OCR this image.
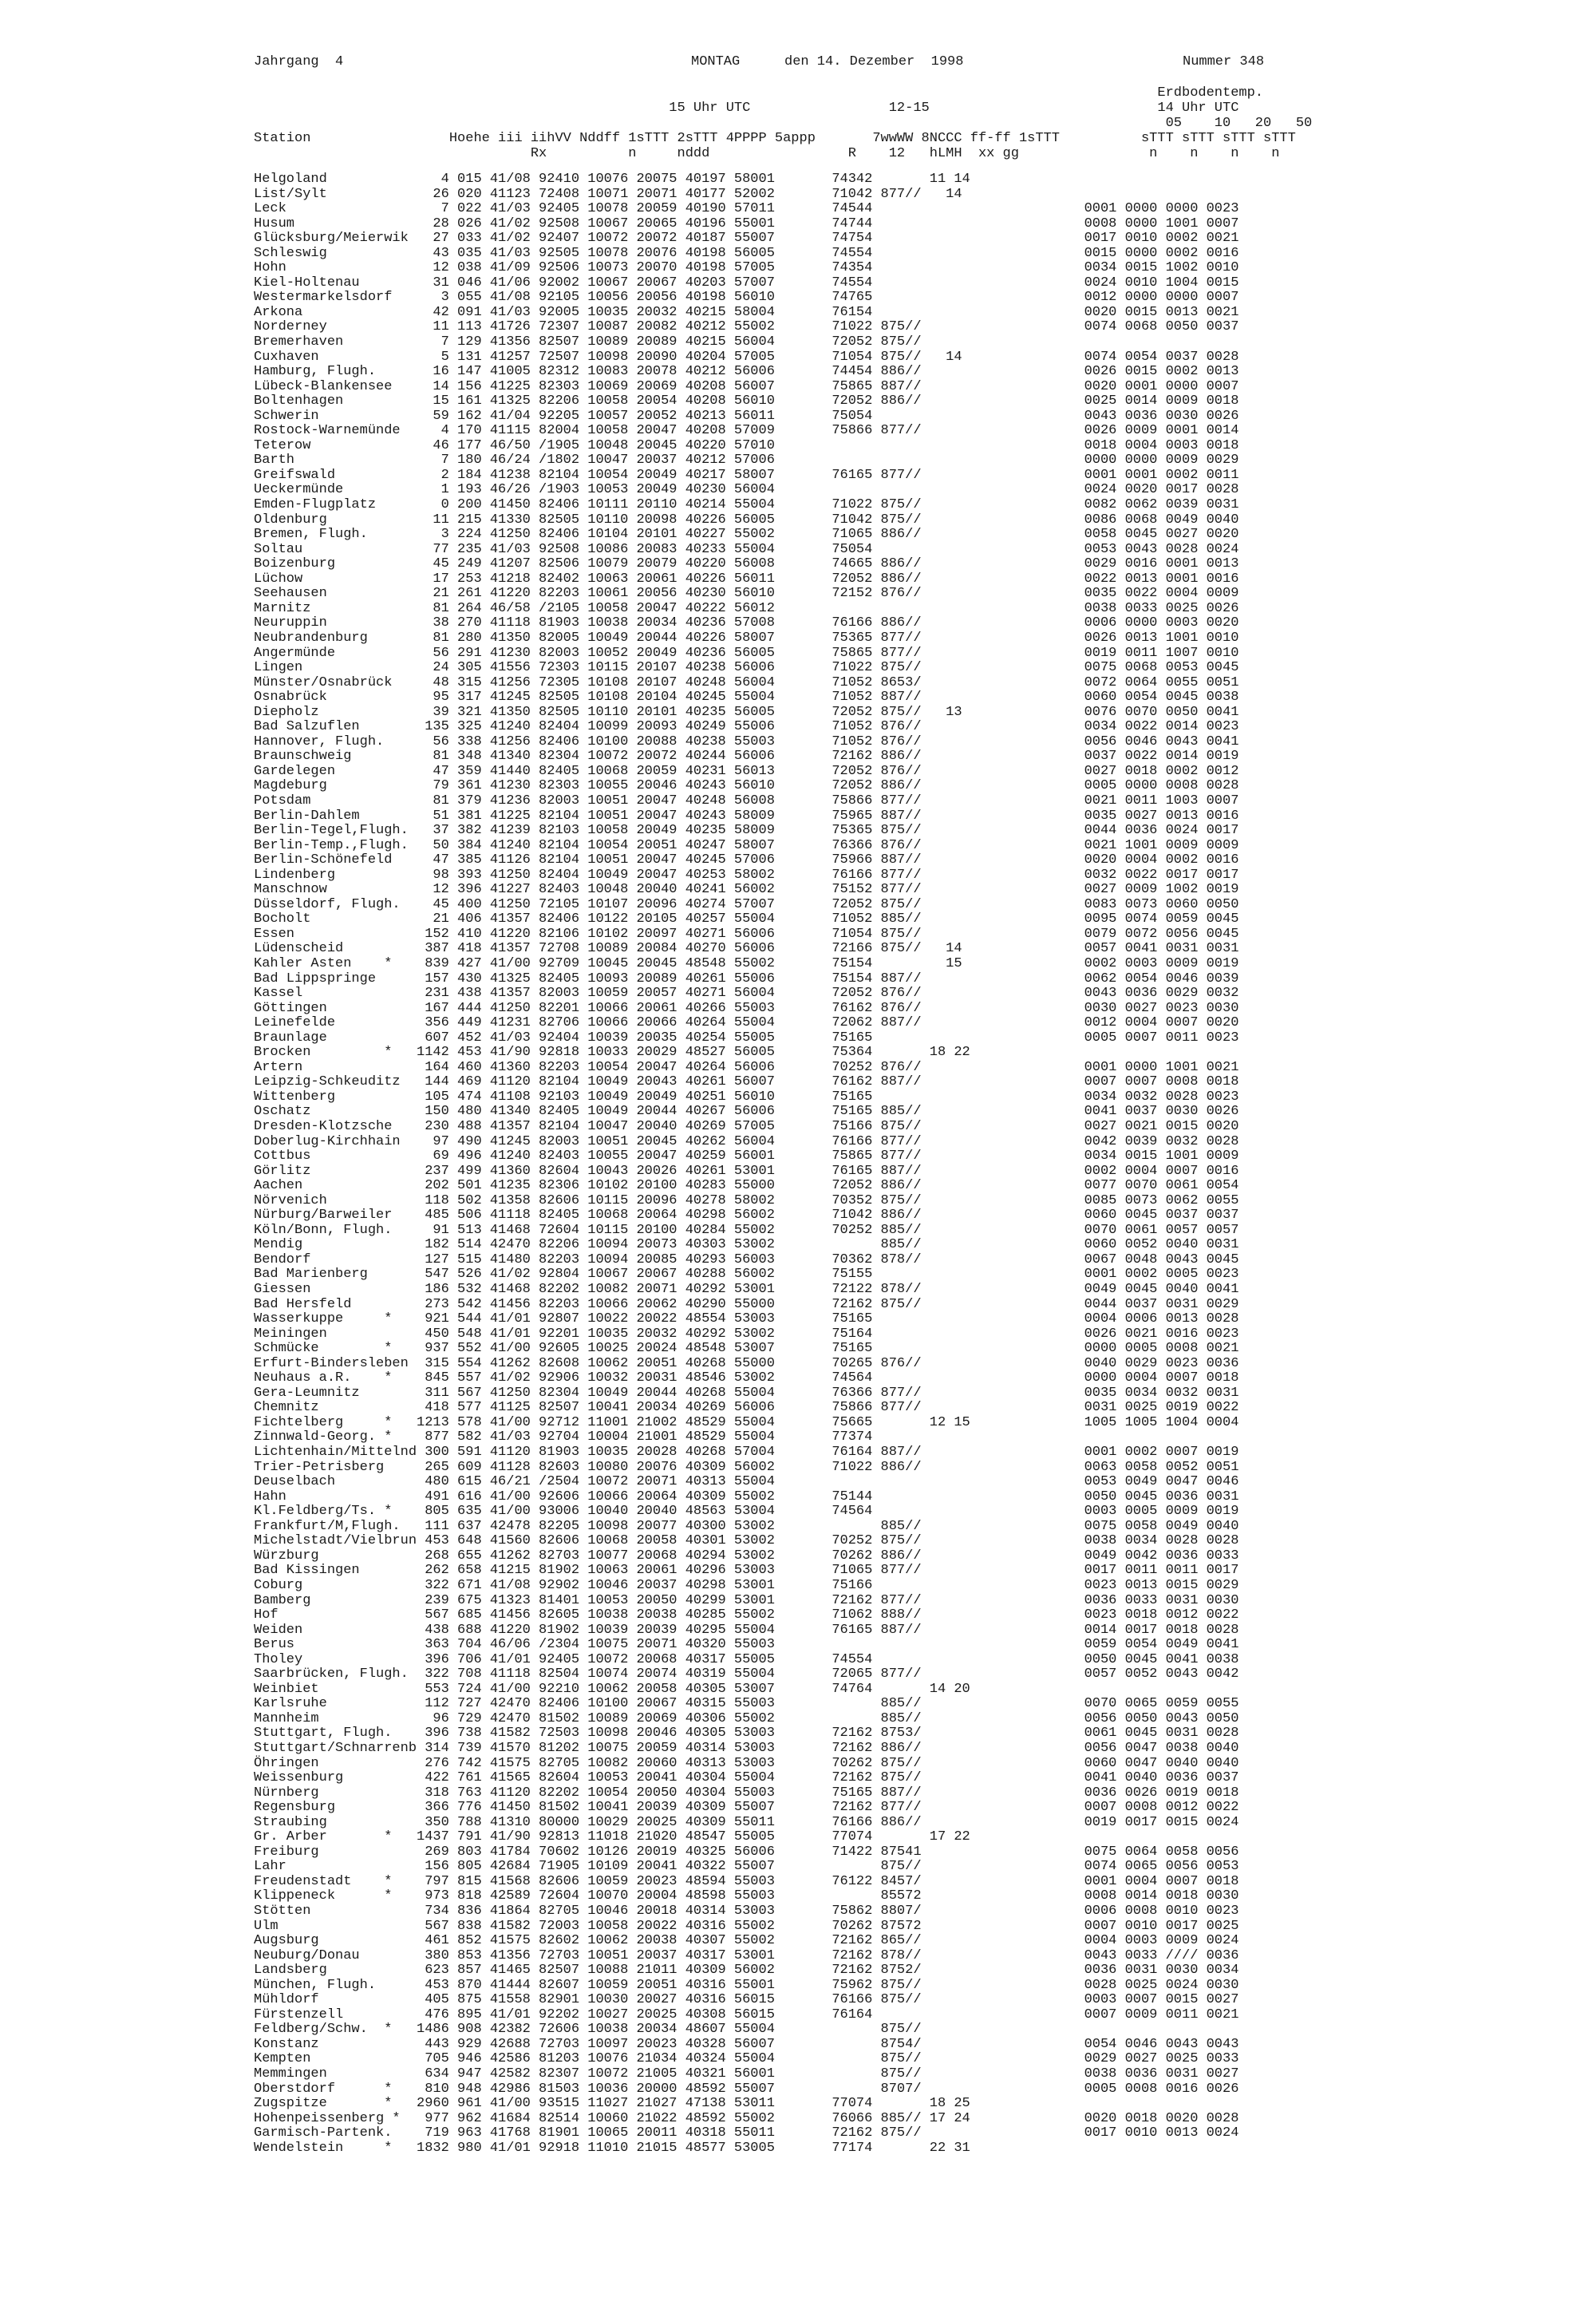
Jahrgang  4	MONTAG	den 14. Dezember  1998	Nummer 348
Erdbodentemp.
15 Uhr UTC                 12-15                            14 Uhr UTC
05    10   20   50
Station                 Hoehe iii iihVV Nddff 1sTTT 2sTTT 4PPPP 5appp       7wwWW 8NCCC ff-ff 1sTTT          sTTT sTTT sTTT sTTT
Rx          n     nddd                 R    12   hLMH  xx gg                n    n    n    n
Helgoland              4 015 41/08 92410 10076 20075 40197 58001       74342       11 14
List/Sylt             26 020 41123 72408 10071 20071 40177 52002       71042 877//   14
Leck                   7 022 41/03 92405 10078 20059 40190 57011       74544                          0001 0000 0000 0023
Husum                 28 026 41/02 92508 10067 20065 40196 55001       74744                          0008 0000 1001 0007
Glücksburg/Meierwik   27 033 41/02 92407 10072 20072 40187 55007       74754                          0017 0010 0002 0021
Schleswig             43 035 41/03 92505 10078 20076 40198 56005       74554                          0015 0000 0002 0016
Hohn                  12 038 41/09 92506 10073 20070 40198 57005       74354                          0034 0015 1002 0010
Kiel-Holtenau         31 046 41/06 92002 10067 20067 40203 57007       74554                          0024 0010 1004 0015
Westermarkelsdorf      3 055 41/08 92105 10056 20056 40198 56010       74765                          0012 0000 0000 0007
Arkona                42 091 41/03 92005 10035 20032 40215 58004       76154                          0020 0015 0013 0021
Norderney             11 113 41726 72307 10087 20082 40212 55002       71022 875//                    0074 0068 0050 0037
Bremerhaven            7 129 41356 82507 10089 20089 40215 56004       72052 875//
Cuxhaven               5 131 41257 72507 10098 20090 40204 57005       71054 875//   14               0074 0054 0037 0028
Hamburg, Flugh.       16 147 41005 82312 10083 20078 40212 56006       74454 886//                    0026 0015 0002 0013
Lübeck-Blankensee     14 156 41225 82303 10069 20069 40208 56007       75865 887//                    0020 0001 0000 0007
Boltenhagen           15 161 41325 82206 10058 20054 40208 56010       72052 886//                    0025 0014 0009 0018
Schwerin              59 162 41/04 92205 10057 20052 40213 56011       75054                          0043 0036 0030 0026
Rostock-Warnemünde     4 170 41115 82004 10058 20047 40208 57009       75866 877//                    0026 0009 0001 0014
Teterow               46 177 46/50 /1905 10048 20045 40220 57010                                      0018 0004 0003 0018
Barth                  7 180 46/24 /1802 10047 20037 40212 57006                                      0000 0000 0009 0029
Greifswald             2 184 41238 82104 10054 20049 40217 58007       76165 877//                    0001 0001 0002 0011
Ueckermünde            1 193 46/26 /1903 10053 20049 40230 56004                                      0024 0020 0017 0028
Emden-Flugplatz        0 200 41450 82406 10111 20110 40214 55004       71022 875//                    0082 0062 0039 0031
Oldenburg             11 215 41330 82505 10110 20098 40226 56005       71042 875//                    0086 0068 0049 0040
Bremen, Flugh.         3 224 41250 82406 10104 20101 40227 55002       71065 886//                    0058 0045 0027 0020
Soltau                77 235 41/03 92508 10086 20083 40233 55004       75054                          0053 0043 0028 0024
Boizenburg            45 249 41207 82506 10079 20079 40220 56008       74665 886//                    0029 0016 0001 0013
Lüchow                17 253 41218 82402 10063 20061 40226 56011       72052 886//                    0022 0013 0001 0016
Seehausen             21 261 41220 82203 10061 20056 40230 56010       72152 876//                    0035 0022 0004 0009
Marnitz               81 264 46/58 /2105 10058 20047 40222 56012                                      0038 0033 0025 0026
Neuruppin             38 270 41118 81903 10038 20034 40236 57008       76166 886//                    0006 0000 0003 0020
Neubrandenburg        81 280 41350 82005 10049 20044 40226 58007       75365 877//                    0026 0013 1001 0010
Angermünde            56 291 41230 82003 10052 20049 40236 56005       75865 877//                    0019 0011 1007 0010
Lingen                24 305 41556 72303 10115 20107 40238 56006       71022 875//                    0075 0068 0053 0045
Münster/Osnabrück     48 315 41256 72305 10108 20107 40248 56004       71052 8653/                    0072 0064 0055 0051
Osnabrück             95 317 41245 82505 10108 20104 40245 55004       71052 887//                    0060 0054 0045 0038
Diepholz              39 321 41350 82505 10110 20101 40235 56005       72052 875//   13               0076 0070 0050 0041
Bad Salzuflen        135 325 41240 82404 10099 20093 40249 55006       71052 876//                    0034 0022 0014 0023
Hannover, Flugh.      56 338 41256 82406 10100 20088 40238 55003       71052 876//                    0056 0046 0043 0041
Braunschweig          81 348 41340 82304 10072 20072 40244 56006       72162 886//                    0037 0022 0014 0019
Gardelegen            47 359 41440 82405 10068 20059 40231 56013       72052 876//                    0027 0018 0002 0012
Magdeburg             79 361 41230 82303 10055 20046 40243 56010       72052 886//                    0005 0000 0008 0028
Potsdam               81 379 41236 82003 10051 20047 40248 56008       75866 877//                    0021 0011 1003 0007
Berlin-Dahlem         51 381 41225 82104 10051 20047 40243 58009       75965 887//                    0035 0027 0013 0016
Berlin-Tegel,Flugh.   37 382 41239 82103 10058 20049 40235 58009       75365 875//                    0044 0036 0024 0017
Berlin-Temp.,Flugh.   50 384 41240 82104 10054 20051 40247 58007       76366 876//                    0021 1001 0009 0009
Berlin-Schönefeld     47 385 41126 82104 10051 20047 40245 57006       75966 887//                    0020 0004 0002 0016
Lindenberg            98 393 41250 82404 10049 20047 40253 58002       76166 877//                    0032 0022 0017 0017
Manschnow             12 396 41227 82403 10048 20040 40241 56002       75152 877//                    0027 0009 1002 0019
Düsseldorf, Flugh.    45 400 41250 72105 10107 20096 40274 57007       72052 875//                    0083 0073 0060 0050
Bocholt               21 406 41357 82406 10122 20105 40257 55004       71052 885//                    0095 0074 0059 0045
Essen                152 410 41220 82106 10102 20097 40271 56006       71054 875//                    0079 0072 0056 0045
Lüdenscheid          387 418 41357 72708 10089 20084 40270 56006       72166 875//   14               0057 0041 0031 0031
Kahler Asten    *    839 427 41/00 92709 10045 20045 48548 55002       75154         15               0002 0003 0009 0019
Bad Lippspringe      157 430 41325 82405 10093 20089 40261 55006       75154 887//                    0062 0054 0046 0039
Kassel               231 438 41357 82003 10059 20057 40271 56004       72052 876//                    0043 0036 0029 0032
Göttingen            167 444 41250 82201 10066 20061 40266 55003       76162 876//                    0030 0027 0023 0030
Leinefelde           356 449 41231 82706 10066 20066 40264 55004       72062 887//                    0012 0004 0007 0020
Braunlage            607 452 41/03 92404 10039 20035 40254 55005       75165                          0005 0007 0011 0023
Brocken         *   1142 453 41/90 92818 10033 20029 48527 56005       75364       18 22
Artern               164 460 41360 82203 10054 20047 40264 56006       70252 876//                    0001 0000 1001 0021
Leipzig-Schkeuditz   144 469 41120 82104 10049 20043 40261 56007       76162 887//                    0007 0007 0008 0018
Wittenberg           105 474 41108 92103 10049 20049 40251 56010       75165                          0034 0032 0028 0023
Oschatz              150 480 41340 82405 10049 20044 40267 56006       75165 885//                    0041 0037 0030 0026
Dresden-Klotzsche    230 488 41357 82104 10047 20040 40269 57005       75166 875//                    0027 0021 0015 0020
Doberlug-Kirchhain    97 490 41245 82003 10051 20045 40262 56004       76166 877//                    0042 0039 0032 0028
Cottbus               69 496 41240 82403 10055 20047 40259 56001       75865 877//                    0034 0015 1001 0009
Görlitz              237 499 41360 82604 10043 20026 40261 53001       76165 887//                    0002 0004 0007 0016
Aachen               202 501 41235 82306 10102 20100 40283 55000       72052 886//                    0077 0070 0061 0054
Nörvenich            118 502 41358 82606 10115 20096 40278 58002       70352 875//                    0085 0073 0062 0055
Nürburg/Barweiler    485 506 41118 82405 10068 20064 40298 56002       71042 886//                    0060 0045 0037 0037
Köln/Bonn, Flugh.     91 513 41468 72604 10115 20100 40284 55002       70252 885//                    0070 0061 0057 0057
Mendig               182 514 42470 82206 10094 20073 40303 53002             885//                    0060 0052 0040 0031
Bendorf              127 515 41480 82203 10094 20085 40293 56003       70362 878//                    0067 0048 0043 0045
Bad Marienberg       547 526 41/02 92804 10067 20067 40288 56002       75155                          0001 0002 0005 0023
Giessen              186 532 41468 82202 10082 20071 40292 53001       72122 878//                    0049 0045 0040 0041
Bad Hersfeld         273 542 41456 82203 10066 20062 40290 55000       72162 875//                    0044 0037 0031 0029
Wasserkuppe     *    921 544 41/01 92807 10022 20022 48554 53003       75165                          0004 0006 0013 0028
Meiningen            450 548 41/01 92201 10035 20032 40292 53002       75164                          0026 0021 0016 0023
Schmücke        *    937 552 41/00 92605 10025 20024 48548 53007       75165                          0000 0005 0008 0021
Erfurt-Bindersleben  315 554 41262 82608 10062 20051 40268 55000       70265 876//                    0040 0029 0023 0036
Neuhaus a.R.    *    845 557 41/02 92906 10032 20031 48546 53002       74564                          0000 0004 0007 0018
Gera-Leumnitz        311 567 41250 82304 10049 20044 40268 55004       76366 877//                    0035 0034 0032 0031
Chemnitz             418 577 41125 82507 10041 20034 40269 56006       75866 877//                    0031 0025 0019 0022
Fichtelberg     *   1213 578 41/00 92712 11001 21002 48529 55004       75665       12 15              1005 1005 1004 0004
Zinnwald-Georg. *    877 582 41/03 92704 10004 21001 48529 55004       77374
Lichtenhain/Mittelnd 300 591 41120 81903 10035 20028 40268 57004       76164 887//                    0001 0002 0007 0019
Trier-Petrisberg     265 609 41128 82603 10080 20076 40309 56002       71022 886//                    0063 0058 0052 0051
Deuselbach           480 615 46/21 /2504 10072 20071 40313 55004                                      0053 0049 0047 0046
Hahn                 491 616 41/00 92606 10066 20064 40309 55002       75144                          0050 0045 0036 0031
Kl.Feldberg/Ts. *    805 635 41/00 93006 10040 20040 48563 53004       74564                          0003 0005 0009 0019
Frankfurt/M,Flugh.   111 637 42478 82205 10098 20077 40300 53002             885//                    0075 0058 0049 0040
Michelstadt/Vielbrun 453 648 41560 82606 10068 20058 40301 53002       70252 875//                    0038 0034 0028 0028
Würzburg             268 655 41262 82703 10077 20068 40294 53002       70262 886//                    0049 0042 0036 0033
Bad Kissingen        262 658 41215 81902 10063 20061 40296 53003       71065 877//                    0017 0011 0011 0017
Coburg               322 671 41/08 92902 10046 20037 40298 53001       75166                          0023 0013 0015 0029
Bamberg              239 675 41323 81401 10053 20050 40299 53001       72162 877//                    0036 0033 0031 0030
Hof                  567 685 41456 82605 10038 20038 40285 55002       71062 888//                    0023 0018 0012 0022
Weiden               438 688 41220 81902 10039 20039 40295 55004       76165 887//                    0014 0017 0018 0028
Berus                363 704 46/06 /2304 10075 20071 40320 55003                                      0059 0054 0049 0041
Tholey               396 706 41/01 92405 10072 20068 40317 55005       74554                          0050 0045 0041 0038
Saarbrücken, Flugh.  322 708 41118 82504 10074 20074 40319 55004       72065 877//                    0057 0052 0043 0042
Weinbiet             553 724 41/00 92210 10062 20058 40305 53007       74764       14 20
Karlsruhe            112 727 42470 82406 10100 20067 40315 55003             885//                    0070 0065 0059 0055
Mannheim              96 729 42470 81502 10089 20069 40306 55002             885//                    0056 0050 0043 0050
Stuttgart, Flugh.    396 738 41582 72503 10098 20046 40305 53003       72162 8753/                    0061 0045 0031 0028
Stuttgart/Schnarrenb 314 739 41570 81202 10075 20059 40314 53003       72162 886//                    0056 0047 0038 0040
Öhringen             276 742 41575 82705 10082 20060 40313 53003       70262 875//                    0060 0047 0040 0040
Weissenburg          422 761 41565 82604 10053 20041 40304 55004       72162 875//                    0041 0040 0036 0037
Nürnberg             318 763 41120 82202 10054 20050 40304 55003       75165 887//                    0036 0026 0019 0018
Regensburg           366 776 41450 81502 10041 20039 40309 55007       72162 877//                    0007 0008 0012 0022
Straubing            350 788 41310 80000 10029 20025 40309 55011       76166 886//                    0019 0017 0015 0024
Gr. Arber       *   1437 791 41/90 92813 11018 21020 48547 55005       77074       17 22
Freiburg             269 803 41784 70602 10126 20019 40325 56006       71422 87541                    0075 0064 0058 0056
Lahr                 156 805 42684 71905 10109 20041 40322 55007             875//                    0074 0065 0056 0053
Freudenstadt    *    797 815 41568 82606 10059 20023 48594 55003       76122 8457/                    0001 0004 0007 0018
Klippeneck      *    973 818 42589 72604 10070 20004 48598 55003             85572                    0008 0014 0018 0030
Stötten              734 836 41864 82705 10046 20018 40314 53003       75862 8807/                    0006 0008 0010 0023
Ulm                  567 838 41582 72003 10058 20022 40316 55002       70262 87572                    0007 0010 0017 0025
Augsburg             461 852 41575 82602 10062 20038 40307 55002       72162 865//                    0004 0003 0009 0024
Neuburg/Donau        380 853 41356 72703 10051 20037 40317 53001       72162 878//                    0043 0033 //// 0036
Landsberg            623 857 41465 82507 10088 21011 40309 56002       72162 8752/                    0036 0031 0030 0034
München, Flugh.      453 870 41444 82607 10059 20051 40316 55001       75962 875//                    0028 0025 0024 0030
Mühldorf             405 875 41558 82901 10030 20027 40316 56015       76166 875//                    0003 0007 0015 0027
Fürstenzell          476 895 41/01 92202 10027 20025 40308 56015       76164                          0007 0009 0011 0021
Feldberg/Schw.  *   1486 908 42382 72606 10038 20034 48607 55004             875//
Konstanz             443 929 42688 72703 10097 20023 40328 56007             8754/                    0054 0046 0043 0043
Kempten              705 946 42586 81203 10076 21034 40324 55004             875//                    0029 0027 0025 0033
Memmingen            634 947 42582 82307 10072 21005 40321 56001             875//                    0038 0036 0031 0027
Oberstdorf      *    810 948 42986 81503 10036 20000 48592 55007             8707/                    0005 0008 0016 0026
Zugspitze       *   2960 961 41/00 93515 11027 21027 47138 53011       77074       18 25
Hohenpeissenberg *   977 962 41684 82514 10060 21022 48592 55002       76066 885// 17 24              0020 0018 0020 0028
Garmisch-Partenk.    719 963 41768 81901 10065 20011 40318 55011       72162 875//                    0017 0010 0013 0024
Wendelstein     *   1832 980 41/01 92918 11010 21015 48577 53005       77174       22 31
